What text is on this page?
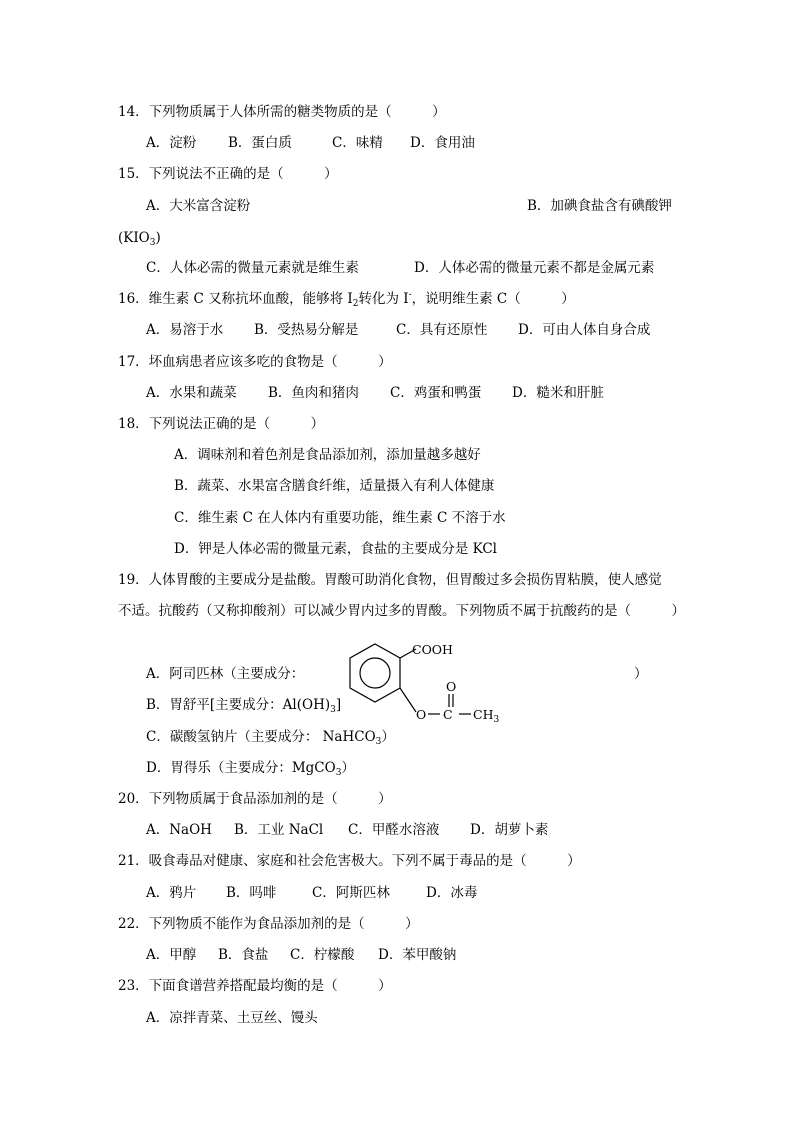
14．下列物质属于人体所需的糖类物质的是（　　　）
A．淀粉 B．蛋白质	C．味精 D．食用油
15．下列说法不正确的是（　　　）
A．大米富含淀粉	B．加碘食盐含有碘酸钾
$(KIO_3)$
C．人体必需的微量元素就是维生素	D．人体必需的微量元素不都是金属元素
16．维生素 C 又称抗坏血酸，能够将 $I_2$转化为 I-，说明维生素 C（　　　）
A．易溶于水 B．受热易分解是	C．具有还原性 D．可由人体自身合成
17．坏血病患者应该多吃的食物是（　　　）
A．水果和蔬菜 B．鱼肉和猪肉 C．鸡蛋和鸭蛋 D．糙米和肝脏
18．下列说法正确的是（　　　）
A．调味剂和着色剂是食品添加剂，添加量越多越好
B．蔬菜、水果富含膳食纤维，适量摄入有利人体健康
C．维生素 C 在人体内有重要功能，维生素 C 不溶于水
D．钾是人体必需的微量元素，食盐的主要成分是 KCl
19．人体胃酸的主要成分是盐酸。胃酸可助消化食物，但胃酸过多会损伤胃粘膜，使人感觉
不适。抗酸药（又称抑酸剂）可以减少胃内过多的胃酸。下列物质不属于抗酸药的是（　　　）
A．阿司匹林（主要成分：	）
COOH
O C
O
$CH_3$
B．胃舒平[主要成分：$Al(OH)_3$]
C．碳酸氢钠片（主要成分： NaHCO$_3$）
D．胃得乐（主要成分：MgCO$_3$）
20．下列物质属于食品添加剂的是（　　　）
A．NaOH B．工业 NaCl C．甲醛水溶液 D．胡萝卜素
21．吸食毒品对健康、家庭和社会危害极大。下列不属于毒品的是（　　　）
A．鸦片 B．吗啡	C．阿斯匹林	D．冰毒
22．下列物质不能作为食品添加剂的是（　　　）
A．甲醇 B．食盐 C．柠檬酸 D．苯甲酸钠
23．下面食谱营养搭配最均衡的是（　　　）
A．凉拌青菜、土豆丝、馒头
